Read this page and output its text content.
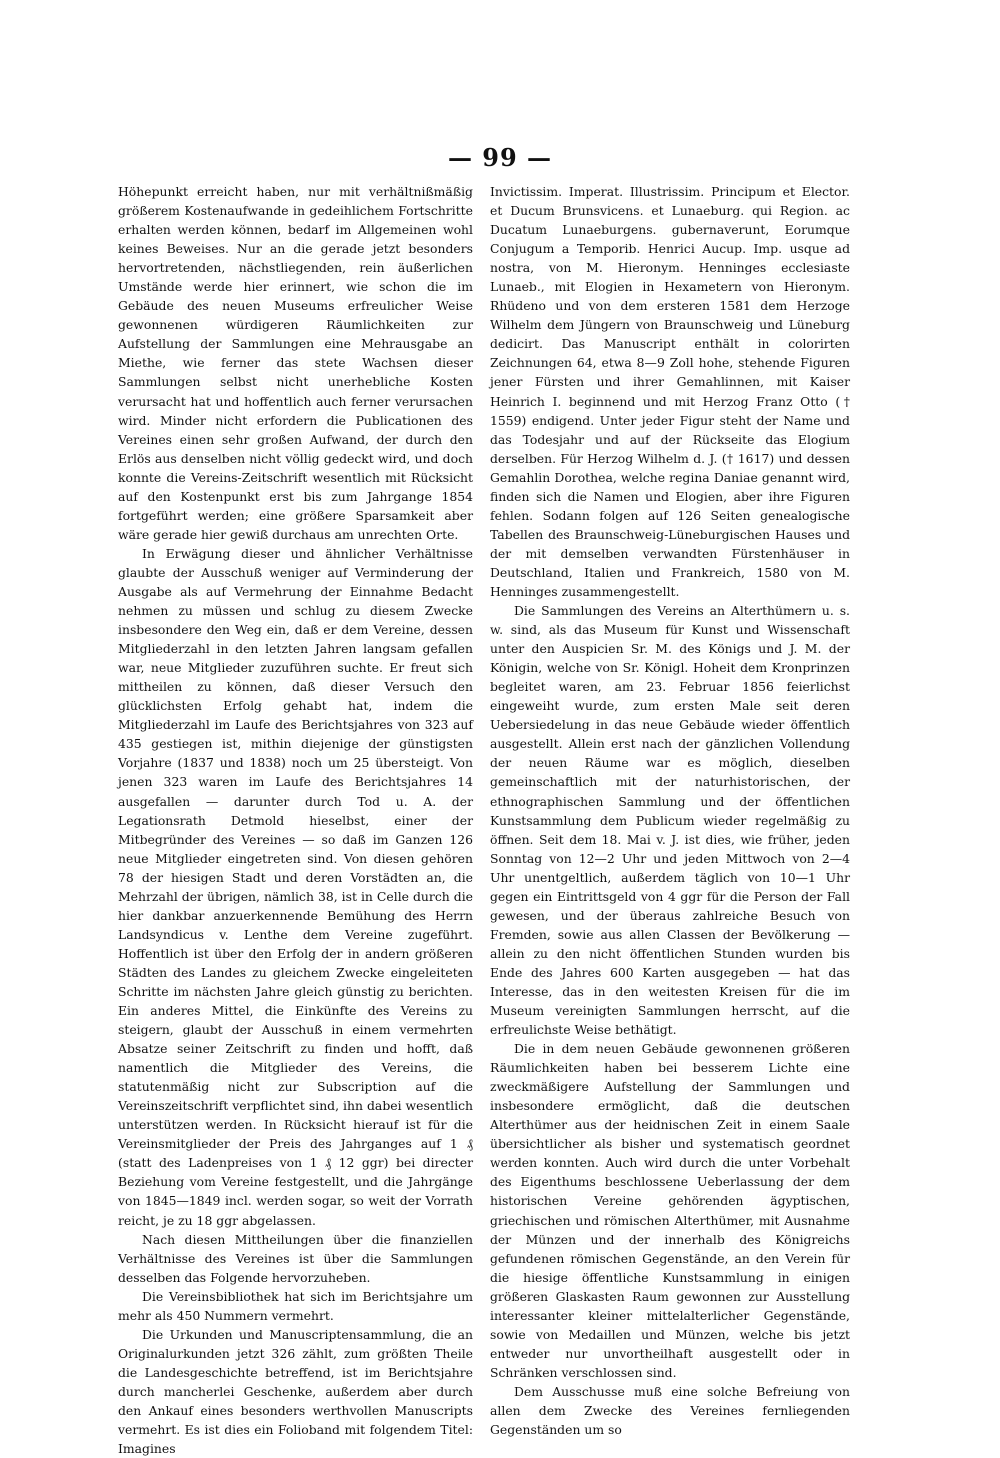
— 99 —

Höhepunkt erreicht haben, nur mit verhältnißmäßig größerem Kostenaufwande in gedeihlichem Fortschritte erhalten werden können, bedarf im Allgemeinen wohl keines Beweises. Nur an die gerade jetzt besonders hervortretenden, nächstliegenden, rein äußerlichen Umstände werde hier erinnert, wie schon die im Gebäude des neuen Museums erfreulicher Weise gewonnenen würdigeren Räumlichkeiten zur Aufstellung der Sammlungen eine Mehrausgabe an Miethe, wie ferner das stete Wachsen dieser Sammlungen selbst nicht unerhebliche Kosten verursacht hat und hoffentlich auch ferner verursachen wird. Minder nicht erfordern die Publicationen des Vereines einen sehr großen Aufwand, der durch den Erlös aus denselben nicht völlig gedeckt wird, und doch konnte die Vereins-Zeitschrift wesentlich mit Rücksicht auf den Kostenpunkt erst bis zum Jahrgange 1854 fortgeführt werden; eine größere Sparsamkeit aber wäre gerade hier gewiß durchaus am unrechten Orte.

In Erwägung dieser und ähnlicher Verhältnisse glaubte der Ausschuß weniger auf Verminderung der Ausgabe als auf Vermehrung der Einnahme Bedacht nehmen zu müssen und schlug zu diesem Zwecke insbesondere den Weg ein, daß er dem Vereine, dessen Mitgliederzahl in den letzten Jahren langsam gefallen war, neue Mitglieder zuzuführen suchte. Er freut sich mittheilen zu können, daß dieser Versuch den glücklichsten Erfolg gehabt hat, indem die Mitgliederzahl im Laufe des Berichtsjahres von 323 auf 435 gestiegen ist, mithin diejenige der günstigsten Vorjahre (1837 und 1838) noch um 25 übersteigt. Von jenen 323 waren im Laufe des Berichtsjahres 14 ausgefallen — darunter durch Tod u. A. der Legationsrath Detmold hieselbst, einer der Mitbegründer des Vereines — so daß im Ganzen 126 neue Mitglieder eingetreten sind. Von diesen gehören 78 der hiesigen Stadt und deren Vorstädten an, die Mehrzahl der übrigen, nämlich 38, ist in Celle durch die hier dankbar anzuerkennende Bemühung des Herrn Landsyndicus v. Lenthe dem Vereine zugeführt. Hoffentlich ist über den Erfolg der in andern größeren Städten des Landes zu gleichem Zwecke eingeleiteten Schritte im nächsten Jahre gleich günstig zu berichten. Ein anderes Mittel, die Einkünfte des Vereins zu steigern, glaubt der Ausschuß in einem vermehrten Absatze seiner Zeitschrift zu finden und hofft, daß namentlich die Mitglieder des Vereins, die statutenmäßig nicht zur Subscription auf die Vereinszeitschrift verpflichtet sind, ihn dabei wesentlich unterstützen werden. In Rücksicht hierauf ist für die Vereinsmitglieder der Preis des Jahrganges auf 1 ₰ (statt des Ladenpreises von 1 ₰ 12 ggr) bei directer Beziehung vom Vereine festgestellt, und die Jahrgänge von 1845—1849 incl. werden sogar, so weit der Vorrath reicht, je zu 18 ggr abgelassen.

Nach diesen Mittheilungen über die finanziellen Verhältnisse des Vereines ist über die Sammlungen desselben das Folgende hervorzuheben.

Die Vereinsbibliothek hat sich im Berichtsjahre um mehr als 450 Nummern vermehrt.

Die Urkunden und Manuscriptensammlung, die an Originalurkunden jetzt 326 zählt, zum größten Theile die Landesgeschichte betreffend, ist im Berichtsjahre durch mancherlei Geschenke, außerdem aber durch den Ankauf eines besonders werthvollen Manuscripts vermehrt. Es ist dies ein Folioband mit folgendem Titel: Imagines

Invictissim. Imperat. Illustrissim. Principum et Elector. et Ducum Brunsvicens. et Lunaeburg. qui Region. ac Ducatum Lunaeburgens. gubernaverunt, Eorumque Conjugum a Temporib. Henrici Aucup. Imp. usque ad nostra, von M. Hieronym. Henninges ecclesiaste Lunaeb., mit Elogien in Hexametern von Hieronym. Rhüdeno und von dem ersteren 1581 dem Herzoge Wilhelm dem Jüngern von Braunschweig und Lüneburg dedicirt. Das Manuscript enthält in colorirten Zeichnungen 64, etwa 8—9 Zoll hohe, stehende Figuren jener Fürsten und ihrer Gemahlinnen, mit Kaiser Heinrich I. beginnend und mit Herzog Franz Otto († 1559) endigend. Unter jeder Figur steht der Name und das Todesjahr und auf der Rückseite das Elogium derselben. Für Herzog Wilhelm d. J. († 1617) und dessen Gemahlin Dorothea, welche regina Daniae genannt wird, finden sich die Namen und Elogien, aber ihre Figuren fehlen. Sodann folgen auf 126 Seiten genealogische Tabellen des Braunschweig-Lüneburgischen Hauses und der mit demselben verwandten Fürstenhäuser in Deutschland, Italien und Frankreich, 1580 von M. Henninges zusammengestellt.

Die Sammlungen des Vereins an Alterthümern u. s. w. sind, als das Museum für Kunst und Wissenschaft unter den Auspicien Sr. M. des Königs und J. M. der Königin, welche von Sr. Königl. Hoheit dem Kronprinzen begleitet waren, am 23. Februar 1856 feierlichst eingeweiht wurde, zum ersten Male seit deren Uebersiedelung in das neue Gebäude wieder öffentlich ausgestellt. Allein erst nach der gänzlichen Vollendung der neuen Räume war es möglich, dieselben gemeinschaftlich mit der naturhistorischen, der ethnographischen Sammlung und der öffentlichen Kunstsammlung dem Publicum wieder regelmäßig zu öffnen. Seit dem 18. Mai v. J. ist dies, wie früher, jeden Sonntag von 12—2 Uhr und jeden Mittwoch von 2—4 Uhr unentgeltlich, außerdem täglich von 10—1 Uhr gegen ein Eintrittsgeld von 4 ggr für die Person der Fall gewesen, und der überaus zahlreiche Besuch von Fremden, sowie aus allen Classen der Bevölkerung — allein zu den nicht öffentlichen Stunden wurden bis Ende des Jahres 600 Karten ausgegeben — hat das Interesse, das in den weitesten Kreisen für die im Museum vereinigten Sammlungen herrscht, auf die erfreulichste Weise bethätigt.

Die in dem neuen Gebäude gewonnenen größeren Räumlichkeiten haben bei besserem Lichte eine zweckmäßigere Aufstellung der Sammlungen und insbesondere ermöglicht, daß die deutschen Alterthümer aus der heidnischen Zeit in einem Saale übersichtlicher als bisher und systematisch geordnet werden konnten. Auch wird durch die unter Vorbehalt des Eigenthums beschlossene Ueberlassung der dem historischen Vereine gehörenden ägyptischen, griechischen und römischen Alterthümer, mit Ausnahme der Münzen und der innerhalb des Königreichs gefundenen römischen Gegenstände, an den Verein für die hiesige öffentliche Kunstsammlung in einigen größeren Glaskasten Raum gewonnen zur Ausstellung interessanter kleiner mittelalterlicher Gegenstände, sowie von Medaillen und Münzen, welche bis jetzt entweder nur unvortheilhaft ausgestellt oder in Schränken verschlossen sind.

Dem Ausschusse muß eine solche Befreiung von allen dem Zwecke des Vereines fernliegenden Gegenständen um so
